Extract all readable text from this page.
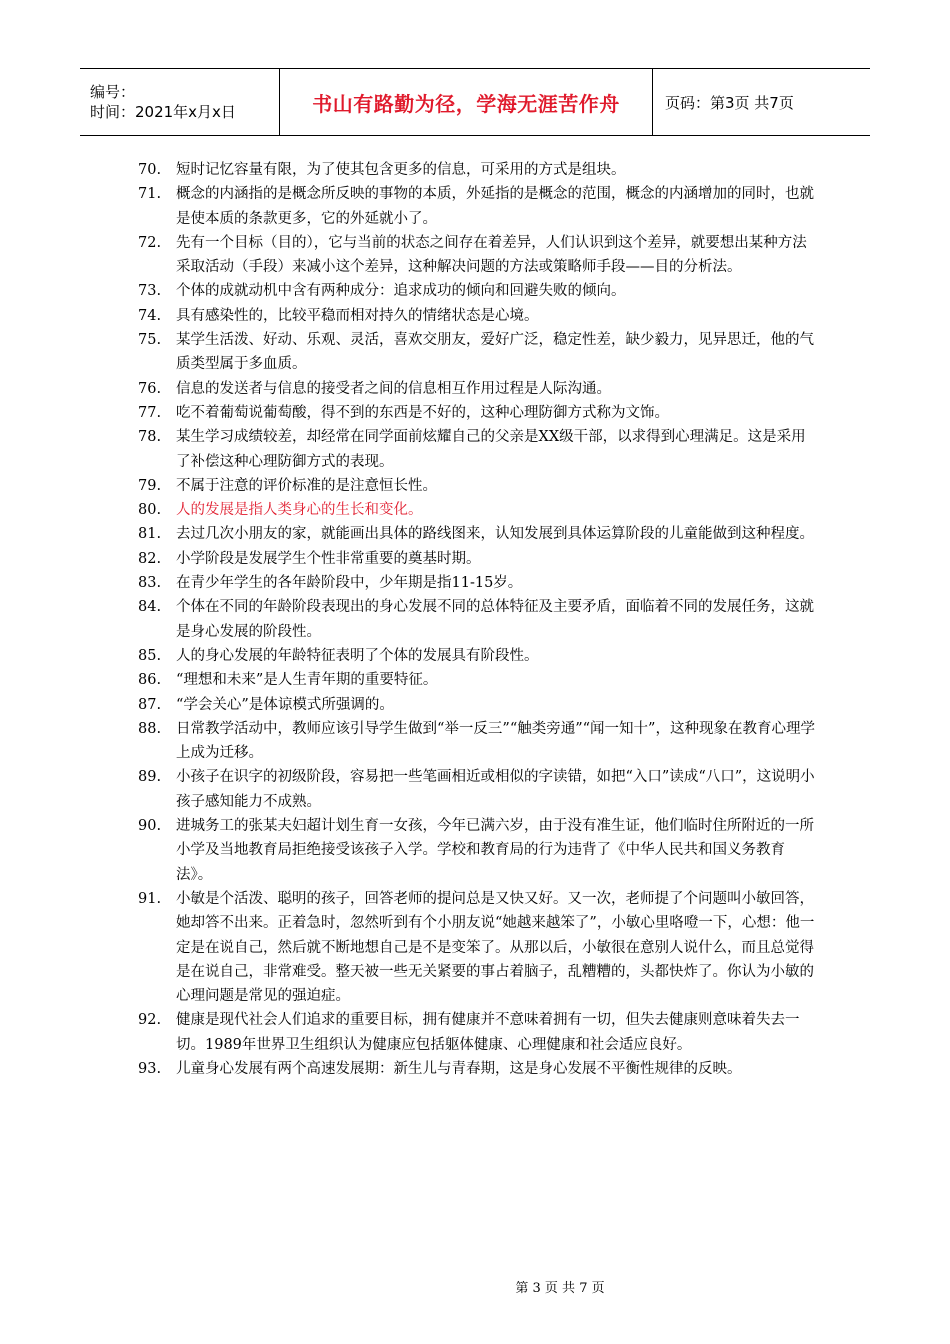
编号：
时间：2021年x月x日	书山有路勤为径，学海无涯苦作舟	页码：第3页 共7页
70.	短时记忆容量有限，为了使其包含更多的信息，可采用的方式是组块。
71.	概念的内涵指的是概念所反映的事物的本质，外延指的是概念的范围，概念的内涵增加的同时，也就是使本质的条款更多，它的外延就小了。
72.	先有一个目标（目的），它与当前的状态之间存在着差异，人们认识到这个差异，就要想出某种方法采取活动（手段）来减小这个差异，这种解决问题的方法或策略师手段——目的分析法。
73.	个体的成就动机中含有两种成分：追求成功的倾向和回避失败的倾向。
74.	具有感染性的，比较平稳而相对持久的情绪状态是心境。
75.	某学生活泼、好动、乐观、灵活，喜欢交朋友，爱好广泛，稳定性差，缺少毅力，见异思迁，他的气质类型属于多血质。
76.	信息的发送者与信息的接受者之间的信息相互作用过程是人际沟通。
77.	吃不着葡萄说葡萄酸，得不到的东西是不好的，这种心理防御方式称为文饰。
78.	某生学习成绩较差，却经常在同学面前炫耀自己的父亲是XX级干部，以求得到心理满足。这是采用了补偿这种心理防御方式的表现。
79.	不属于注意的评价标准的是注意恒长性。
80.	人的发展是指人类身心的生长和变化。
81.	去过几次小朋友的家，就能画出具体的路线图来，认知发展到具体运算阶段的儿童能做到这种程度。
82.	小学阶段是发展学生个性非常重要的奠基时期。
83.	在青少年学生的各年龄阶段中，少年期是指11-15岁。
84.	个体在不同的年龄阶段表现出的身心发展不同的总体特征及主要矛盾，面临着不同的发展任务，这就是身心发展的阶段性。
85.	人的身心发展的年龄特征表明了个体的发展具有阶段性。
86.	“理想和未来”是人生青年期的重要特征。
87.	“学会关心”是体谅模式所强调的。
88.	日常教学活动中，教师应该引导学生做到“举一反三”“触类旁通”“闻一知十”，这种现象在教育心理学上成为迁移。
89.	小孩子在识字的初级阶段，容易把一些笔画相近或相似的字读错，如把“入口”读成“八口”，这说明小孩子感知能力不成熟。
90.	进城务工的张某夫妇超计划生育一女孩，今年已满六岁，由于没有准生证，他们临时住所附近的一所小学及当地教育局拒绝接受该孩子入学。学校和教育局的行为违背了《中华人民共和国义务教育法》。
91.	小敏是个活泼、聪明的孩子，回答老师的提问总是又快又好。又一次，老师提了个问题叫小敏回答，她却答不出来。正着急时，忽然听到有个小朋友说“她越来越笨了”，小敏心里咯噔一下，心想：他一定是在说自己，然后就不断地想自己是不是变笨了。从那以后，小敏很在意别人说什么，而且总觉得是在说自己，非常难受。整天被一些无关紧要的事占着脑子，乱糟糟的，头都快炸了。你认为小敏的心理问题是常见的强迫症。
92.	健康是现代社会人们追求的重要目标，拥有健康并不意味着拥有一切，但失去健康则意味着失去一切。1989年世界卫生组织认为健康应包括躯体健康、心理健康和社会适应良好。
93.	儿童身心发展有两个高速发展期：新生儿与青春期，这是身心发展不平衡性规律的反映。
第 3 页 共 7 页
